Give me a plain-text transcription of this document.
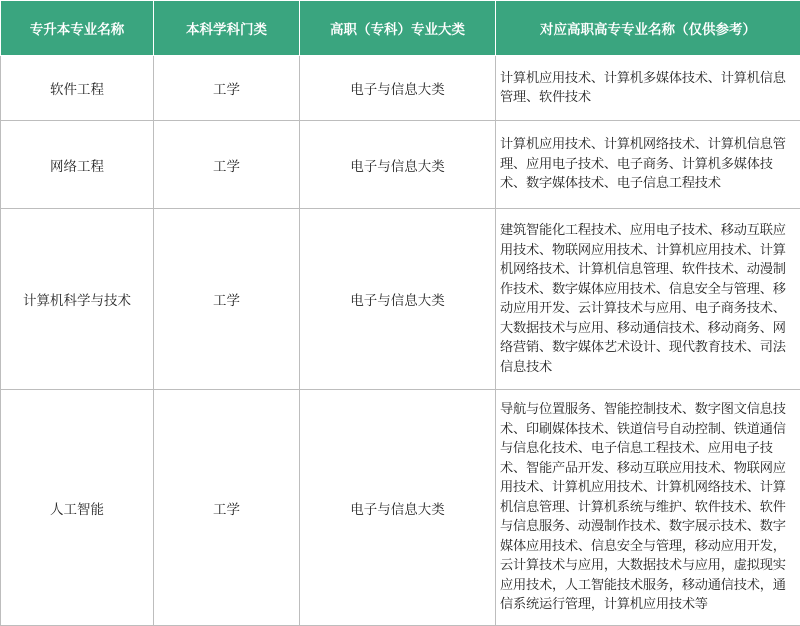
专升本专业名称	本科学科门类	高职（专科）专业大类	对应高职高专专业名称（仅供参考）
软件工程	工学	电子与信息大类	计算机应用技术、计算机多媒体技术、计算机信息管理、软件技术
网络工程	工学	电子与信息大类	计算机应用技术、计算机网络技术、计算机信息管理、应用电子技术、电子商务、计算机多媒体技术、数字媒体技术、电子信息工程技术
计算机科学与技术	工学	电子与信息大类	建筑智能化工程技术、应用电子技术、移动互联应用技术、物联网应用技术、计算机应用技术、计算机网络技术、计算机信息管理、软件技术、动漫制作技术、数字媒体应用技术、信息安全与管理、移动应用开发、云计算技术与应用、电子商务技术、大数据技术与应用、移动通信技术、移动商务、网络营销、数字媒体艺术设计、现代教育技术、司法信息技术
人工智能	工学	电子与信息大类	导航与位置服务、智能控制技术、数字图文信息技术、印刷媒体技术、铁道信号自动控制、铁道通信与信息化技术、电子信息工程技术、应用电子技术、智能产品开发、移动互联应用技术、物联网应用技术、计算机应用技术、计算机网络技术、计算机信息管理、计算机系统与维护、软件技术、软件与信息服务、动漫制作技术、数字展示技术、数字媒体应用技术、信息安全与管理，移动应用开发，云计算技术与应用，大数据技术与应用，虚拟现实应用技术，人工智能技术服务，移动通信技术，通信系统运行管理，计算机应用技术等
